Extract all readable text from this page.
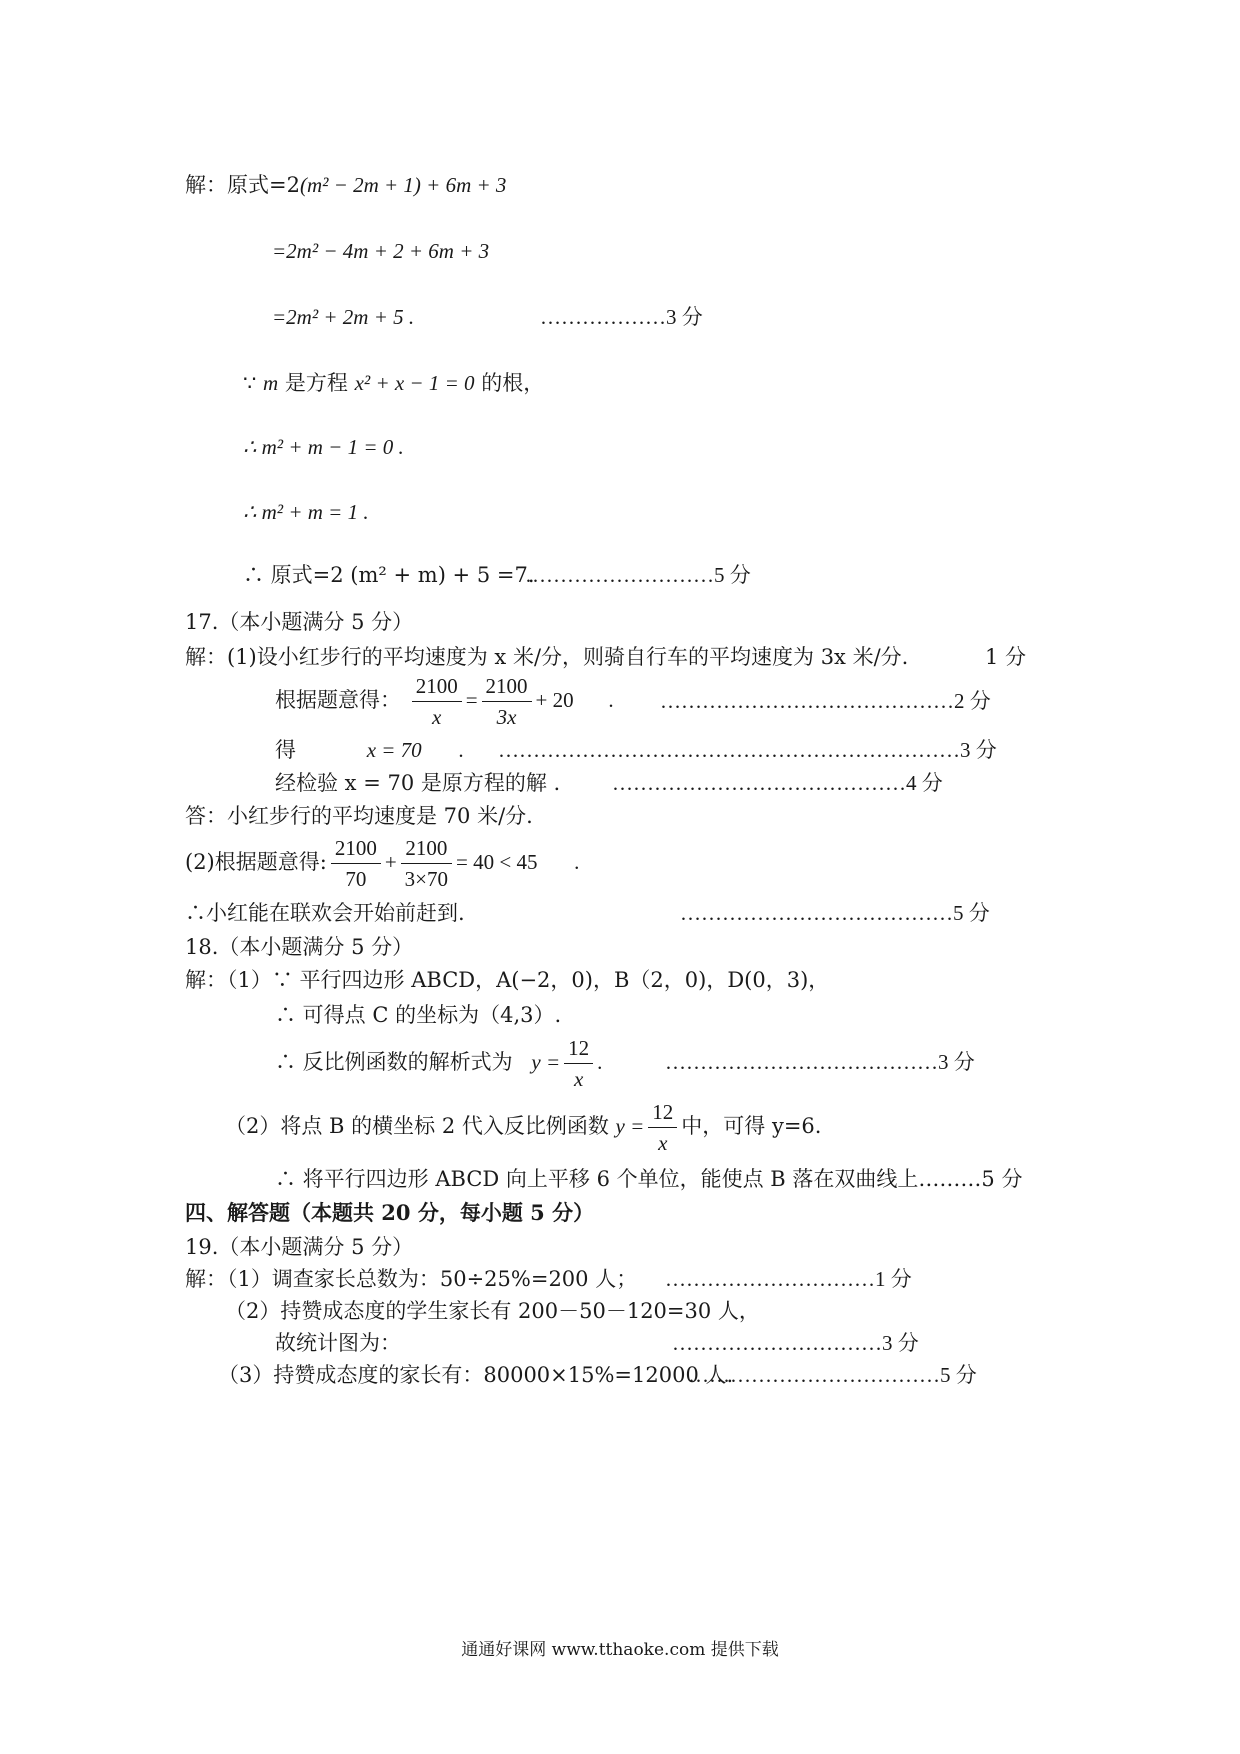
解：原式=2(m² − 2m + 1) + 6m + 3
=2m² − 4m + 2 + 6m + 3
=2m² + 2m + 5 .	………………3 分
∵ m 是方程 x² + x − 1 = 0 的根，
∴ m² + m − 1 = 0 .
∴ m² + m = 1 .
∴ 原式=2 (m² + m) + 5 =7.
………………………5 分
17.（本小题满分 5 分）
解：(1)设小红步行的平均速度为 x 米/分，则骑自行车的平均速度为 3x 米/分.	1 分
根据题意得： $\frac{2100}{x} = \frac{2100}{3x} + 20$ . ……………………………………2 分
得	x = 70 . …………………………………………………………3 分
经检验 x = 70 是原方程的解 . ……………………………………4 分
答：小红步行的平均速度是 70 米/分.
(2)根据题意得: $\frac{2100}{70} + \frac{2100}{3\times 70} = 40 < 45$ .
∴小红能在联欢会开始前赶到.	…………………………………5 分
18.（本小题满分 5 分）
解：（1）∵ 平行四边形 ABCD，A(−2，0)，B（2，0)，D(0，3)，
∴ 可得点 C 的坐标为（4,3）.
∴ 反比例函数的解析式为 $y = \frac{12}{x}$ .	…………………………………3 分
（2）将点 B 的横坐标 2 代入反比例函数 $y = \frac{12}{x}$ 中，可得 y=6.
∴ 将平行四边形 ABCD 向上平移 6 个单位，能使点 B 落在双曲线上………5 分
四、解答题（本题共 20 分，每小题 5 分）
19.（本小题满分 5 分）
解：（1）调查家长总数为：50÷25%=200 人； …………………………1 分
（2）持赞成态度的学生家长有 200－50－120=30 人，
故统计图为：	…………………………3 分
（3）持赞成态度的家长有：80000×15%=12000 人.
………………………………5 分
通通好课网 www.tthaoke.com 提供下载
